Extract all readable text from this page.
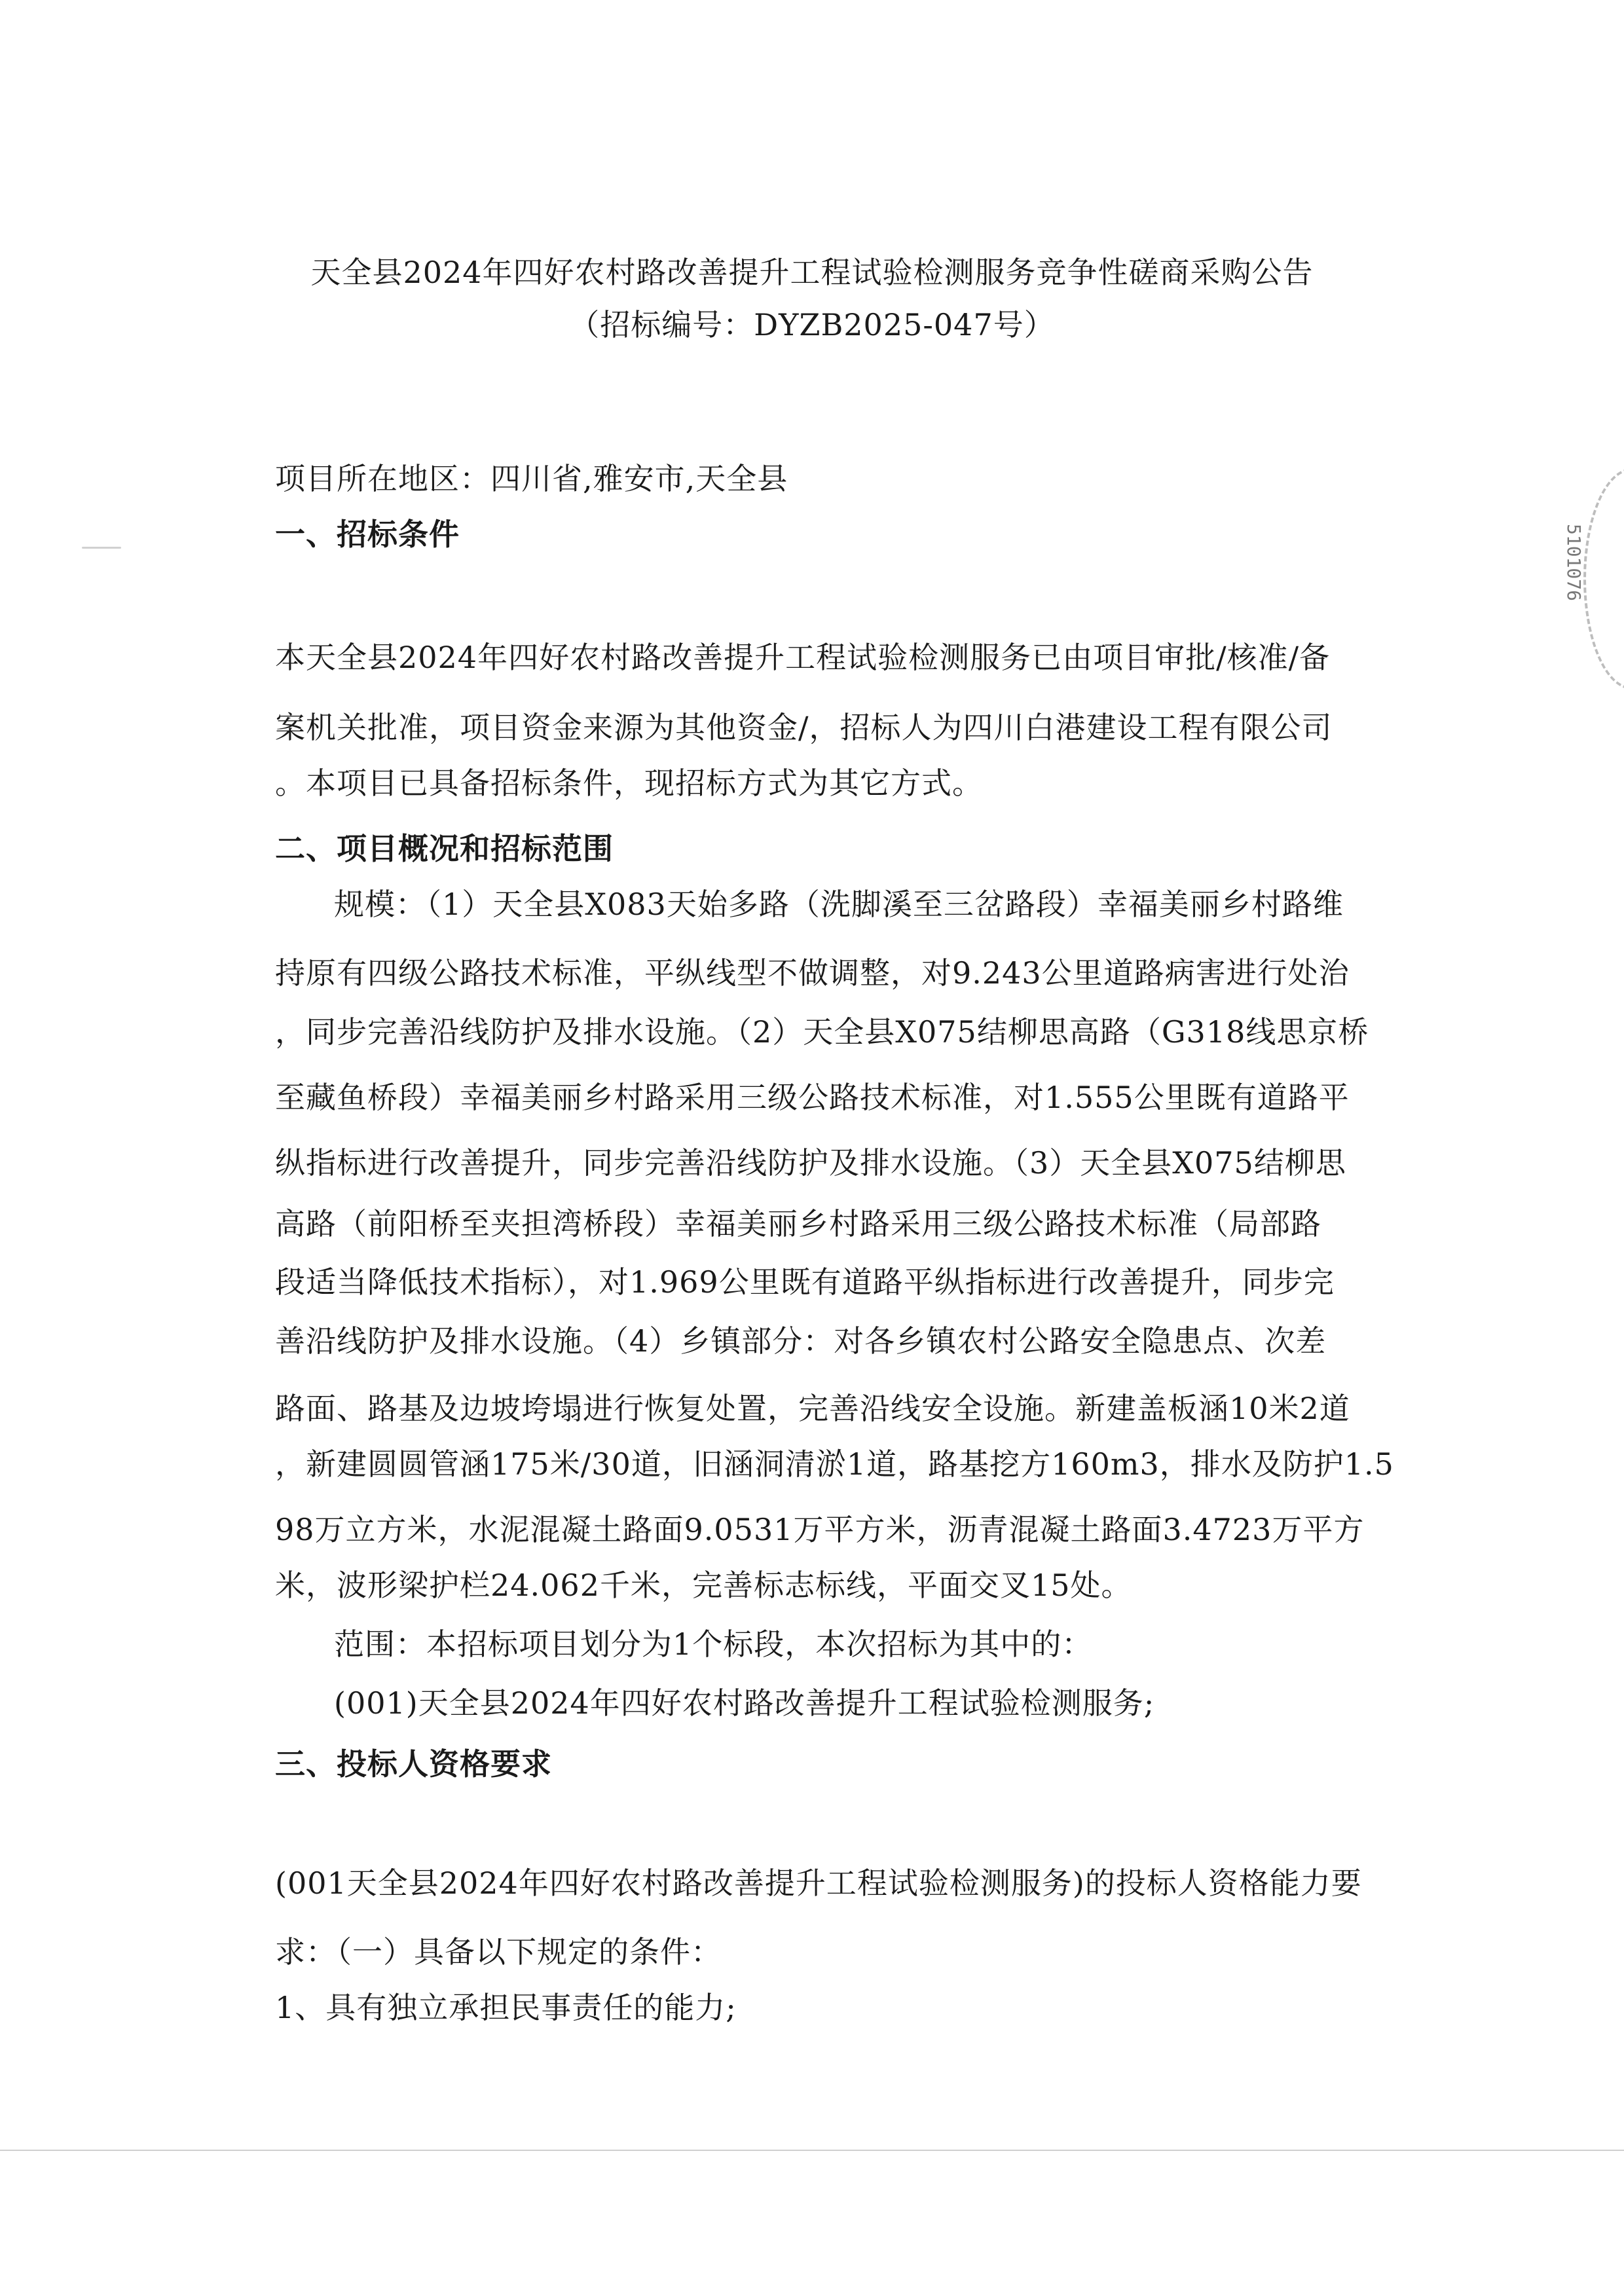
5101076
天全县2024年四好农村路改善提升工程试验检测服务竞争性磋商采购公告
（招标编号：DYZB2025-047号）
项目所在地区：四川省,雅安市,天全县
一、招标条件
本天全县2024年四好农村路改善提升工程试验检测服务已由项目审批/核准/备
案机关批准，项目资金来源为其他资金/，招标人为四川白港建设工程有限公司
。本项目已具备招标条件，现招标方式为其它方式。
二、项目概况和招标范围
规模：（1）天全县X083天始多路（洗脚溪至三岔路段）幸福美丽乡村路维
持原有四级公路技术标准，平纵线型不做调整，对9.243公里道路病害进行处治
，同步完善沿线防护及排水设施。（2）天全县X075结柳思高路（G318线思京桥
至藏鱼桥段）幸福美丽乡村路采用三级公路技术标准，对1.555公里既有道路平
纵指标进行改善提升，同步完善沿线防护及排水设施。（3）天全县X075结柳思
高路（前阳桥至夹担湾桥段）幸福美丽乡村路采用三级公路技术标准（局部路
段适当降低技术指标），对1.969公里既有道路平纵指标进行改善提升，同步完
善沿线防护及排水设施。（4）乡镇部分：对各乡镇农村公路安全隐患点、次差
路面、路基及边坡垮塌进行恢复处置，完善沿线安全设施。新建盖板涵10米2道
，新建圆圆管涵175米/30道，旧涵洞清淤1道，路基挖方160m3，排水及防护1.5
98万立方米，水泥混凝土路面9.0531万平方米，沥青混凝土路面3.4723万平方
米，波形梁护栏24.062千米，完善标志标线，平面交叉15处。
范围：本招标项目划分为1个标段，本次招标为其中的：
(001)天全县2024年四好农村路改善提升工程试验检测服务;
三、投标人资格要求
(001天全县2024年四好农村路改善提升工程试验检测服务)的投标人资格能力要
求：（一）具备以下规定的条件：
1、具有独立承担民事责任的能力;
